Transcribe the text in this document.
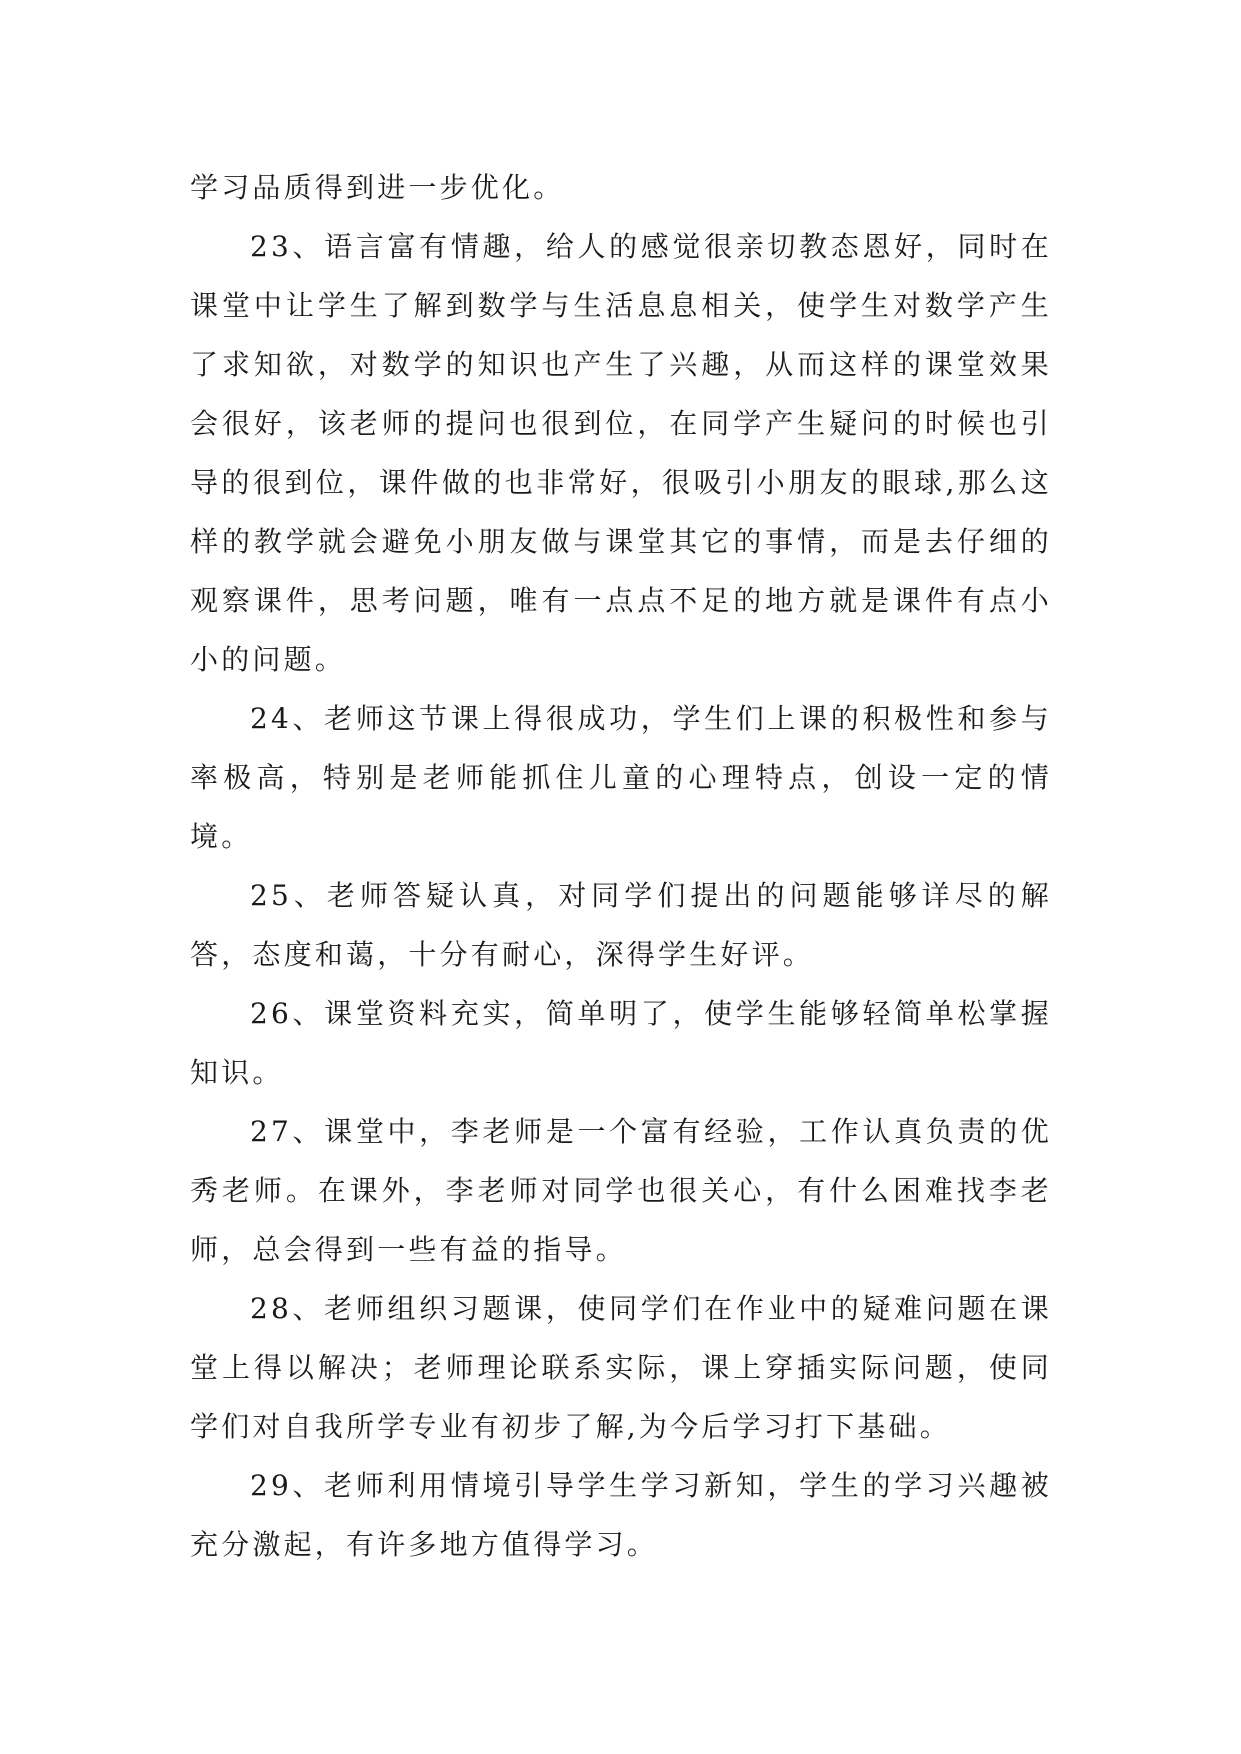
学习品质得到进一步优化。

23、语言富有情趣，给人的感觉很亲切教态恩好，同时在课堂中让学生了解到数学与生活息息相关，使学生对数学产生了求知欲，对数学的知识也产生了兴趣，从而这样的课堂效果会很好，该老师的提问也很到位，在同学产生疑问的时候也引导的很到位，课件做的也非常好，很吸引小朋友的眼球,那么这样的教学就会避免小朋友做与课堂其它的事情，而是去仔细的观察课件，思考问题，唯有一点点不足的地方就是课件有点小小的问题。

24、老师这节课上得很成功，学生们上课的积极性和参与率极高，特别是老师能抓住儿童的心理特点，创设一定的情境。

25、老师答疑认真，对同学们提出的问题能够详尽的解答，态度和蔼，十分有耐心，深得学生好评。

26、课堂资料充实，简单明了，使学生能够轻简单松掌握知识。

27、课堂中，李老师是一个富有经验，工作认真负责的优秀老师。在课外，李老师对同学也很关心，有什么困难找李老师，总会得到一些有益的指导。

28、老师组织习题课，使同学们在作业中的疑难问题在课堂上得以解决；老师理论联系实际，课上穿插实际问题，使同学们对自我所学专业有初步了解,为今后学习打下基础。

29、老师利用情境引导学生学习新知，学生的学习兴趣被充分激起，有许多地方值得学习。
